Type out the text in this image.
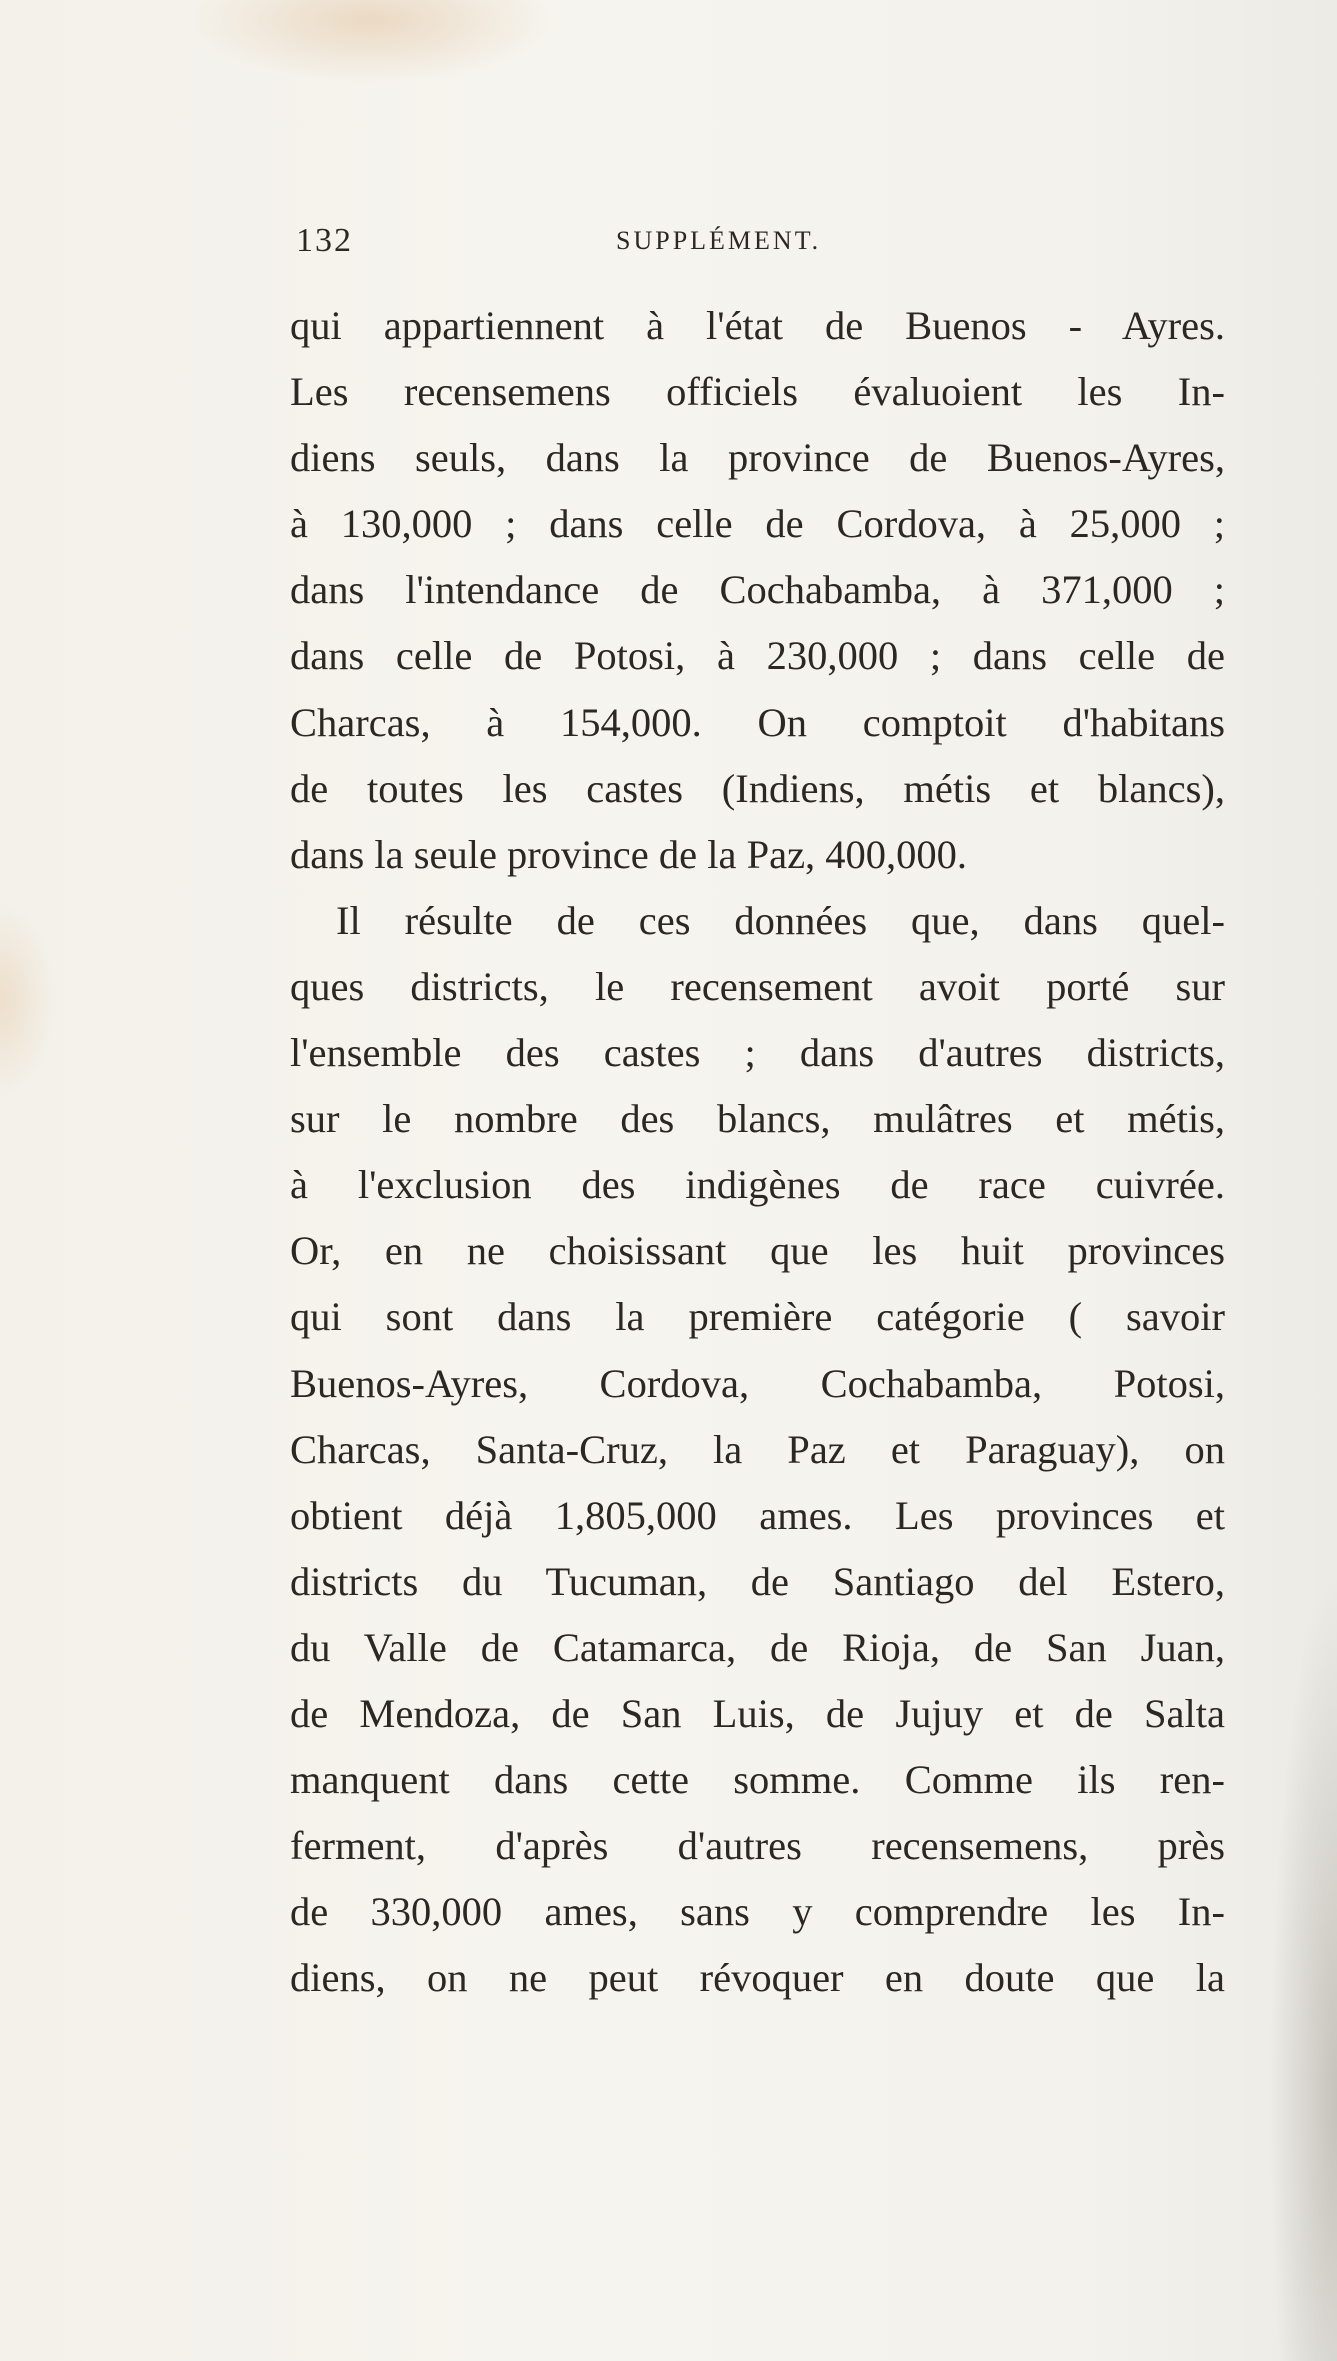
132	SUPPLÉMENT.
qui appartiennent à l'état de Buenos - Ayres.
Les recensemens officiels évaluoient les In-
diens seuls, dans la province de Buenos-Ayres,
à 130,000 ; dans celle de Cordova, à 25,000 ;
dans l'intendance de Cochabamba, à 371,000 ;
dans celle de Potosi, à 230,000 ; dans celle de
Charcas, à 154,000. On comptoit d'habitans
de toutes les castes (Indiens, métis et blancs),
dans la seule province de la Paz, 400,000.
Il résulte de ces données que, dans quel-
ques districts, le recensement avoit porté sur
l'ensemble des castes ; dans d'autres districts,
sur le nombre des blancs, mulâtres et métis,
à l'exclusion des indigènes de race cuivrée.
Or, en ne choisissant que les huit provinces
qui sont dans la première catégorie ( savoir
Buenos-Ayres, Cordova, Cochabamba, Potosi,
Charcas, Santa-Cruz, la Paz et Paraguay), on
obtient déjà 1,805,000 ames. Les provinces et
districts du Tucuman, de Santiago del Estero,
du Valle de Catamarca, de Rioja, de San Juan,
de Mendoza, de San Luis, de Jujuy et de Salta
manquent dans cette somme. Comme ils ren-
ferment, d'après d'autres recensemens, près
de 330,000 ames, sans y comprendre les In-
diens, on ne peut révoquer en doute que la
